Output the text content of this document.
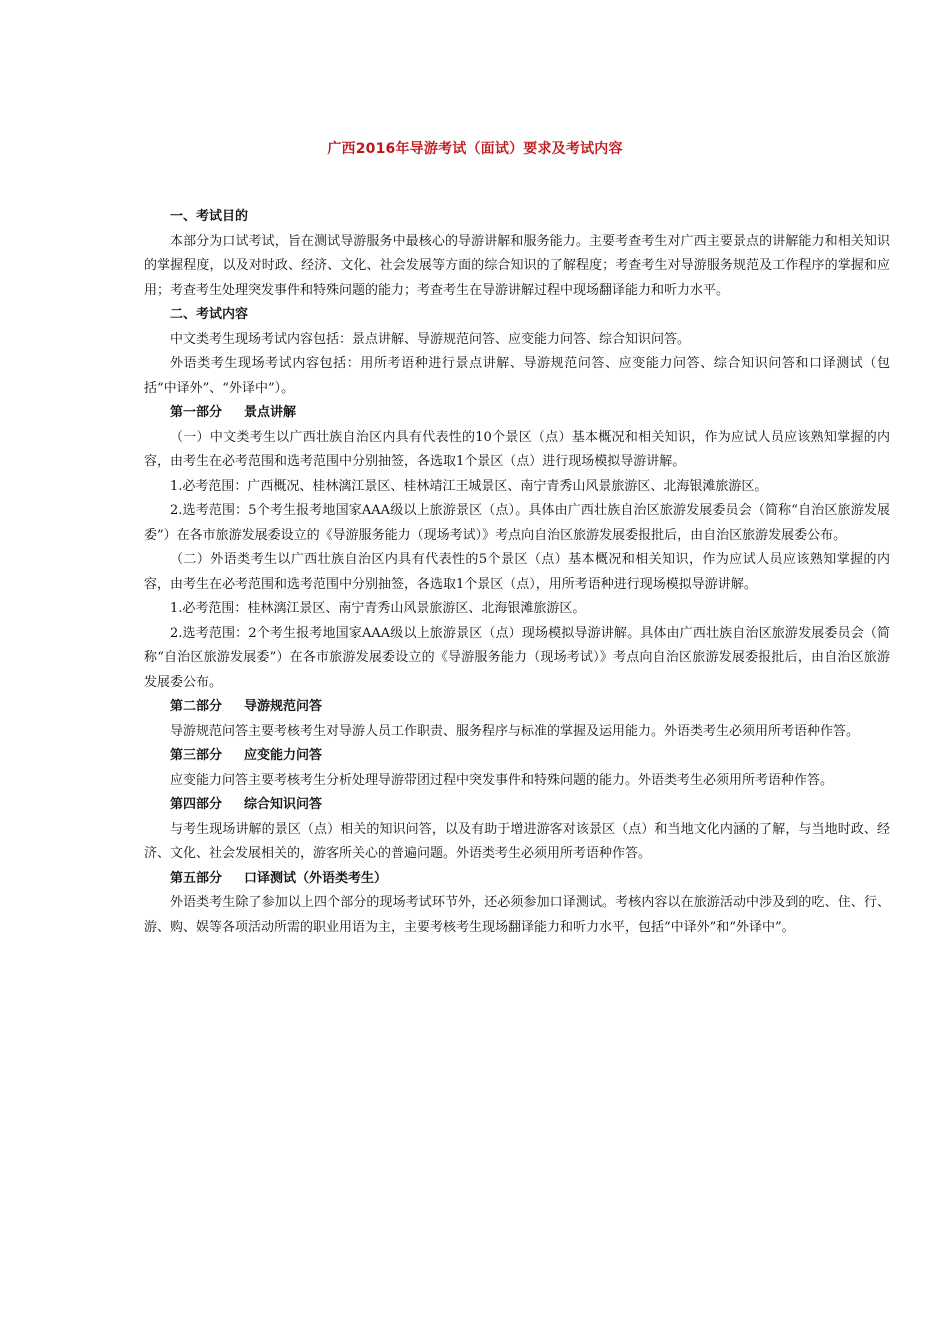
广西2016年导游考试（面试）要求及考试内容

一、考试目的

本部分为口试考试，旨在测试导游服务中最核心的导游讲解和服务能力。主要考查考生对广西主要景点的讲解能力和相关知识的掌握程度，以及对时政、经济、文化、社会发展等方面的综合知识的了解程度；考查考生对导游服务规范及工作程序的掌握和应用；考查考生处理突发事件和特殊问题的能力；考查考生在导游讲解过程中现场翻译能力和听力水平。

二、考试内容

中文类考生现场考试内容包括：景点讲解、导游规范问答、应变能力问答、综合知识问答。

外语类考生现场考试内容包括：用所考语种进行景点讲解、导游规范问答、应变能力问答、综合知识问答和口译测试（包括“中译外”、“外译中”）。

第一部分 景点讲解

（一）中文类考生以广西壮族自治区内具有代表性的10个景区（点）基本概况和相关知识，作为应试人员应该熟知掌握的内容，由考生在必考范围和选考范围中分别抽签，各选取1个景区（点）进行现场模拟导游讲解。

1.必考范围：广西概况、桂林漓江景区、桂林靖江王城景区、南宁青秀山风景旅游区、北海银滩旅游区。

2.选考范围：5个考生报考地国家AAA级以上旅游景区（点）。具体由广西壮族自治区旅游发展委员会（简称“自治区旅游发展委”）在各市旅游发展委设立的《导游服务能力（现场考试）》考点向自治区旅游发展委报批后，由自治区旅游发展委公布。

（二）外语类考生以广西壮族自治区内具有代表性的5个景区（点）基本概况和相关知识，作为应试人员应该熟知掌握的内容，由考生在必考范围和选考范围中分别抽签，各选取1个景区（点），用所考语种进行现场模拟导游讲解。

1.必考范围：桂林漓江景区、南宁青秀山风景旅游区、北海银滩旅游区。

2.选考范围：2个考生报考地国家AAA级以上旅游景区（点）现场模拟导游讲解。具体由广西壮族自治区旅游发展委员会（简称“自治区旅游发展委”）在各市旅游发展委设立的《导游服务能力（现场考试）》考点向自治区旅游发展委报批后，由自治区旅游发展委公布。

第二部分 导游规范问答

导游规范问答主要考核考生对导游人员工作职责、服务程序与标准的掌握及运用能力。外语类考生必须用所考语种作答。

第三部分 应变能力问答

应变能力问答主要考核考生分析处理导游带团过程中突发事件和特殊问题的能力。外语类考生必须用所考语种作答。

第四部分 综合知识问答

与考生现场讲解的景区（点）相关的知识问答，以及有助于增进游客对该景区（点）和当地文化内涵的了解，与当地时政、经济、文化、社会发展相关的，游客所关心的普遍问题。外语类考生必须用所考语种作答。

第五部分 口译测试（外语类考生）

外语类考生除了参加以上四个部分的现场考试环节外，还必须参加口译测试。考核内容以在旅游活动中涉及到的吃、住、行、游、购、娱等各项活动所需的职业用语为主，主要考核考生现场翻译能力和听力水平，包括“中译外”和“外译中”。
